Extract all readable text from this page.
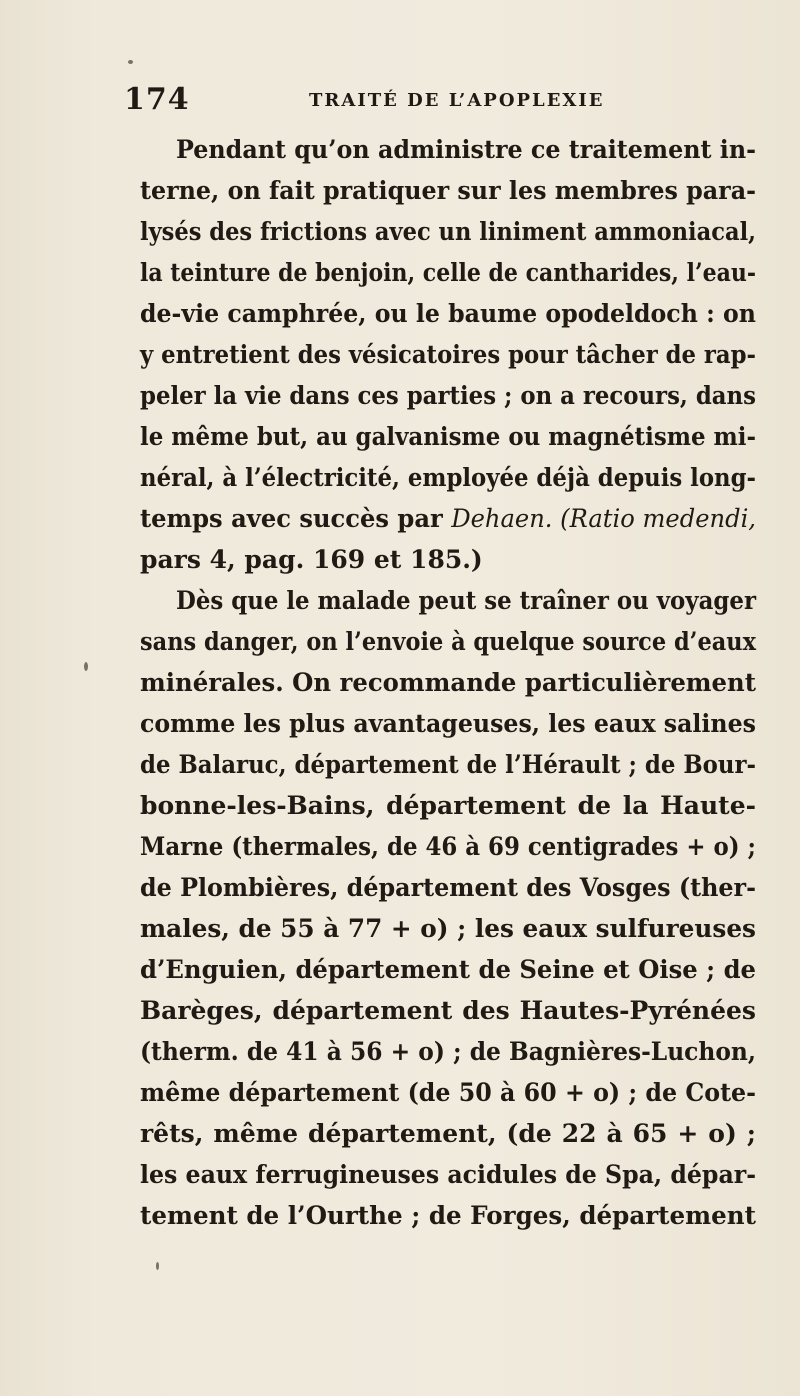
174	TRAITÉ DE L’APOPLEXIE
Pendant qu’on administre ce traitement in-
terne, on fait pratiquer sur les membres para-
lysés des frictions avec un liniment ammoniacal,
la teinture de benjoin, celle de cantharides, l’eau-
de-vie camphrée, ou le baume opodeldoch : on
y entretient des vésicatoires pour tâcher de rap-
peler la vie dans ces parties ; on a recours, dans
le même but, au galvanisme ou magnétisme mi-
néral, à l’électricité, employée déjà depuis long-
temps avec succès par Dehaen. (Ratio medendi,
pars 4, pag. 169 et 185.)
Dès que le malade peut se traîner ou voyager
sans danger, on l’envoie à quelque source d’eaux
minérales. On recommande particulièrement
comme les plus avantageuses, les eaux salines
de Balaruc, département de l’Hérault ; de Bour-
bonne-les-Bains, département de la Haute-
Marne (thermales, de 46 à 69 centigrades + o) ;
de Plombières, département des Vosges (ther-
males, de 55 à 77 + o) ; les eaux sulfureuses
d’Enguien, département de Seine et Oise ; de
Barèges, département des Hautes-Pyrénées
(therm. de 41 à 56 + o) ; de Bagnières-Luchon,
même département (de 50 à 60 + o) ; de Cote-
rêts, même département, (de 22 à 65 + o) ;
les eaux ferrugineuses acidules de Spa, dépar-
tement de l’Ourthe ; de Forges, département
